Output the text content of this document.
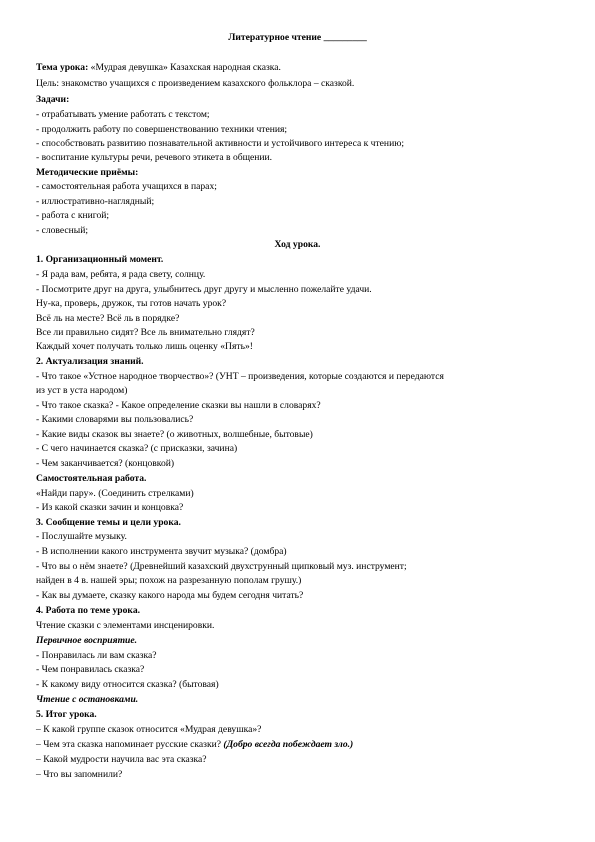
Литературное чтение _________
Тема урока: «Мудрая девушка» Казахская народная сказка.
Цель: знакомство учащихся с произведением казахского фольклора – сказкой.
Задачи:
- отрабатывать умение работать с текстом;
- продолжить работу по совершенствованию техники чтения;
- способствовать развитию познавательной активности и устойчивого интереса к чтению;
- воспитание культуры речи, речевого этикета в общении.
Методические приёмы:
- самостоятельная работа учащихся в парах;
- иллюстративно-наглядный;
- работа с книгой;
- словесный;
Ход урока.
1. Организационный момент.
- Я рада вам, ребята, я рада свету, солнцу.
- Посмотрите друг на друга, улыбнитесь друг другу и мысленно пожелайте удачи.
Ну-ка, проверь, дружок, ты готов начать урок?
Всё ль на месте? Всё ль в порядке?
Все ли правильно сидят? Все ль внимательно глядят?
Каждый хочет получать только лишь оценку «Пять»!
2. Актуализация знаний.
- Что такое «Устное народное творчество»? (УНТ – произведения, которые создаются и передаются
из уст в уста народом)
- Что такое сказка? - Какое определение сказки вы нашли в словарях?
- Какими словарями вы пользовались?
- Какие виды сказок вы знаете? (о животных, волшебные, бытовые)
- С чего начинается сказка? (с присказки, зачина)
- Чем заканчивается? (концовкой)
Самостоятельная работа.
«Найди пару». (Соединить стрелками)
- Из какой сказки зачин и концовка?
3. Сообщение темы и цели урока.
- Послушайте музыку.
- В исполнении какого инструмента звучит музыка? (домбра)
- Что вы о нём знаете? (Древнейший казахский двухструнный щипковый муз. инструмент;
найден в 4 в. нашей эры; похож на разрезанную пополам грушу.)
- Как вы думаете, сказку какого народа мы будем сегодня читать?
4. Работа по теме урока.
Чтение сказки с элементами инсценировки.
Первичное восприятие.
- Понравилась ли вам сказка?
- Чем понравилась сказка?
- К какому виду относится сказка? (бытовая)
Чтение с остановками.
5. Итог урока.
– К какой группе сказок относится «Мудрая девушка»?
– Чем эта сказка напоминает русские сказки? (Добро всегда побеждает зло.)
– Какой мудрости научила вас эта сказка?
– Что вы запомнили?
